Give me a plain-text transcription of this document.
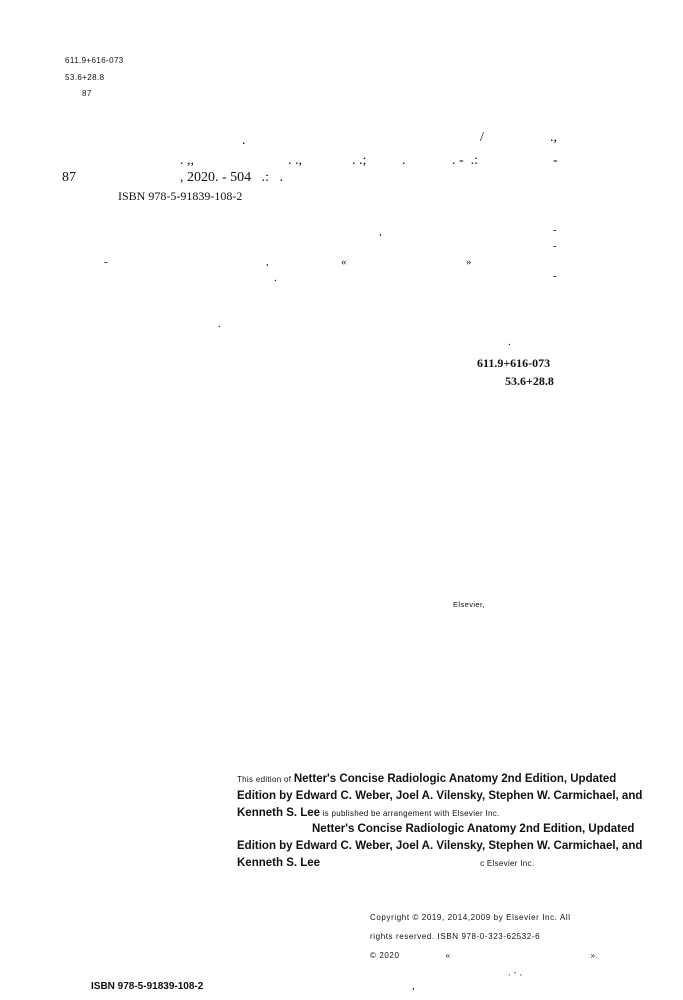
611.9+616-073
53.6+28.8
87
.	/	.,
. ,,	. .,	. .;	.	. -  .:	-
87	, 2020. - 504   .:   .
ISBN 978-5-91839-108-2
,	-
-
-	,	«	»
-
.
.
.
611.9+616-073
53.6+28.8
Elsevier,
This edition of Netter's Concise Radiologic Anatomy 2nd Edition, Updated Edition by Edward C. Weber, Joel A. Vilensky, Stephen W. Carmichael, and Kenneth S. Lee is published be arrangement with Elsevier Inc.
Netter's Concise Radiologic Anatomy 2nd Edition, Updated Edition by Edward C. Weber, Joel A. Vilensky, Stephen W. Carmichael, and Kenneth S. Lee	c Elsevier Inc.
Copyright © 2019, 2014,2009 by Elsevier Inc. All
rights reserved. ISBN 978-0-323-62532-6
© 2020	«	».
, - ,
ISBN 978-5-91839-108-2	,
